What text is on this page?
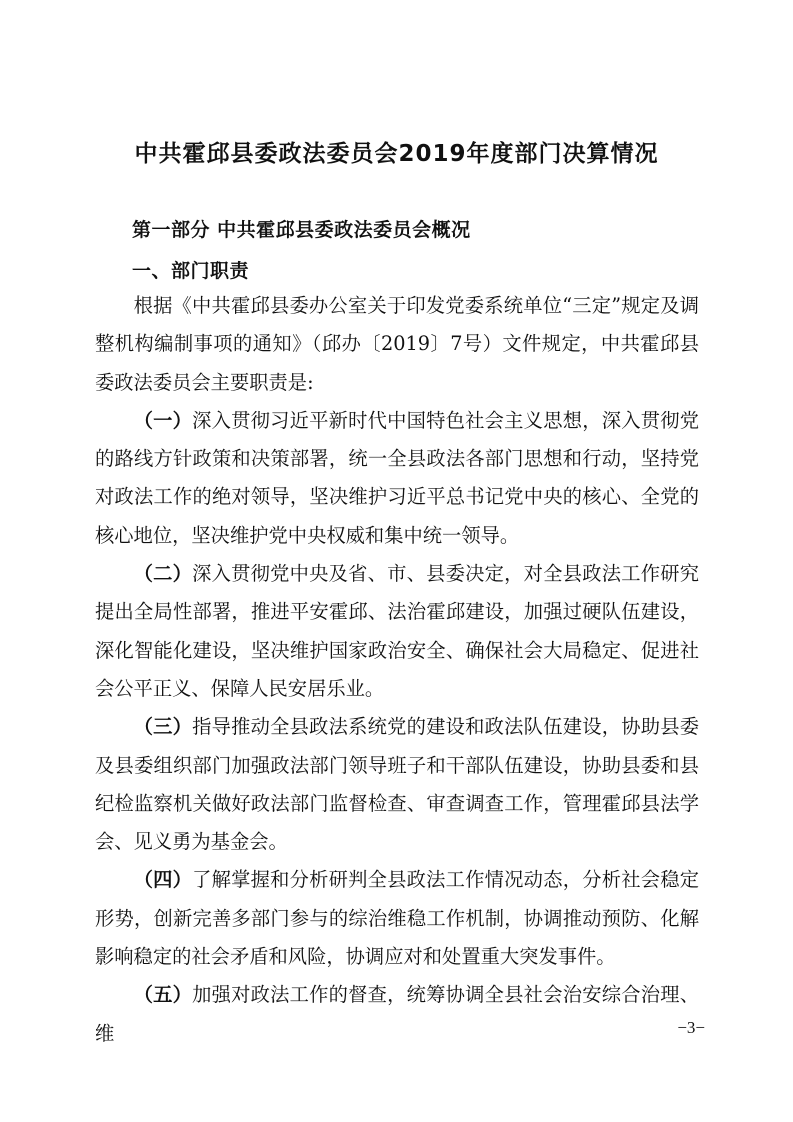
中共霍邱县委政法委员会2019年度部门决算情况
第一部分 中共霍邱县委政法委员会概况
一、部门职责

根据《中共霍邱县委办公室关于印发党委系统单位“三定”规定及调整机构编制事项的通知》（邱办〔2019〕7号）文件规定，中共霍邱县委政法委员会主要职责是:

（一）深入贯彻习近平新时代中国特色社会主义思想，深入贯彻党的路线方针政策和决策部署，统一全县政法各部门思想和行动，坚持党对政法工作的绝对领导，坚决维护习近平总书记党中央的核心、全党的核心地位，坚决维护党中央权威和集中统一领导。

（二）深入贯彻党中央及省、市、县委决定，对全县政法工作研究提出全局性部署，推进平安霍邱、法治霍邱建设，加强过硬队伍建设，深化智能化建设，坚决维护国家政治安全、确保社会大局稳定、促进社会公平正义、保障人民安居乐业。

（三）指导推动全县政法系统党的建设和政法队伍建设，协助县委及县委组织部门加强政法部门领导班子和干部队伍建设，协助县委和县纪检监察机关做好政法部门监督检查、审查调查工作，管理霍邱县法学会、见义勇为基金会。

（四）了解掌握和分析研判全县政法工作情况动态，分析社会稳定形势，创新完善多部门参与的综治维稳工作机制，协调推动预防、化解影响稳定的社会矛盾和风险，协调应对和处置重大突发事件。

（五）加强对政法工作的督查，统筹协调全县社会治安综合治理、维	−3−
